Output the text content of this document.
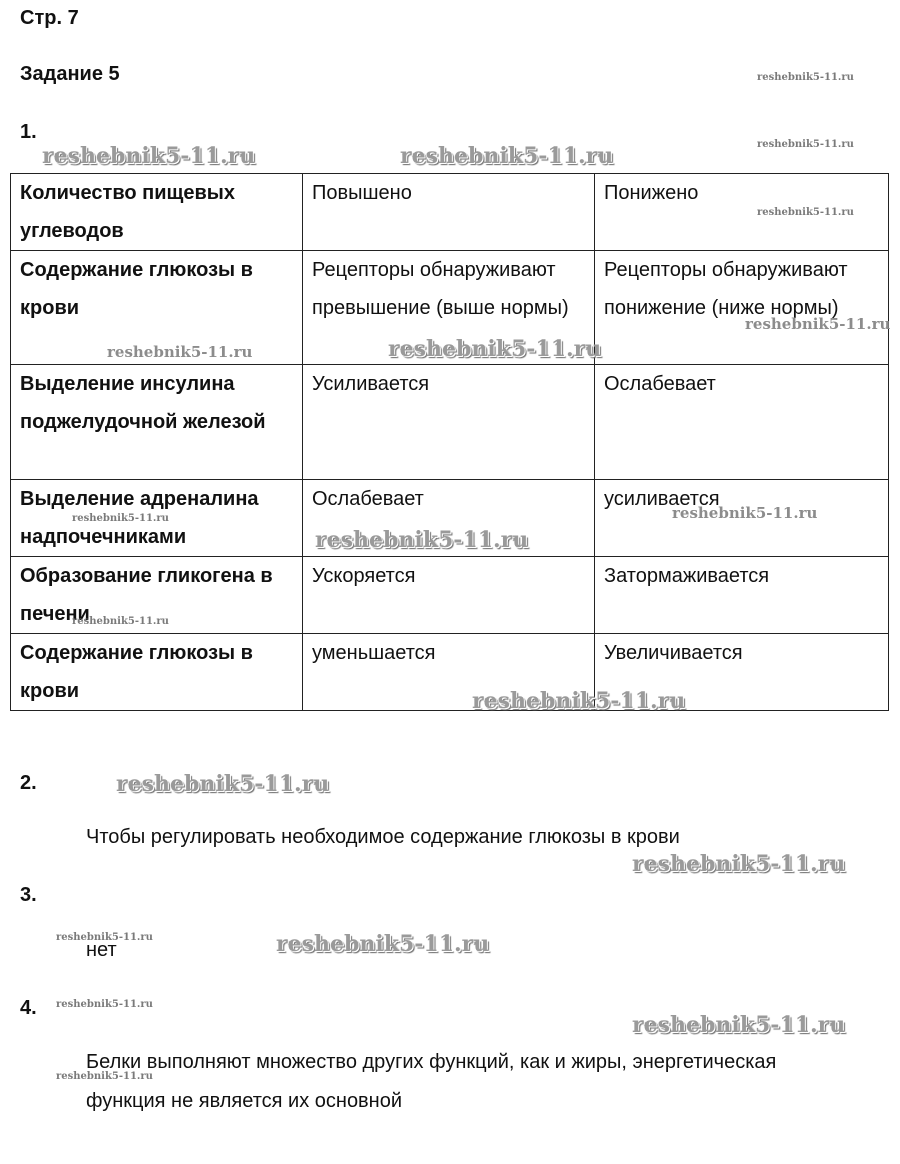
Стр. 7
Задание 5
1.
Количество пищевых углеводов	Повышено	Понижено
Содержание глюкозы в крови	Рецепторы обнаруживают превышение (выше нормы)	Рецепторы обнаруживают понижение (ниже нормы)
Выделение инсулина поджелудочной железой	Усиливается	Ослабевает
Выделение адреналина надпочечниками	Ослабевает	усиливается
Образование гликогена в печени	Ускоряется	Затормаживается
Содержание глюкозы в крови	уменьшается	Увеличивается
2.
Чтобы регулировать необходимое содержание глюкозы в крови
3.
нет
4.
Белки выполняют множество других функций, как и жиры, энергетическая
функция не является их основной
reshebnik5-11.ru
reshebnik5-11.ru
reshebnik5-11.ru	reshebnik5-11.ru
reshebnik5-11.ru
reshebnik5-11.ru
reshebnik5-11.ru	reshebnik5-11.ru
reshebnik5-11.ru
reshebnik5-11.ru
reshebnik5-11.ru
reshebnik5-11.ru
reshebnik5-11.ru
reshebnik5-11.ru
reshebnik5-11.ru
reshebnik5-11.ru	reshebnik5-11.ru
reshebnik5-11.ru
reshebnik5-11.ru
reshebnik5-11.ru
